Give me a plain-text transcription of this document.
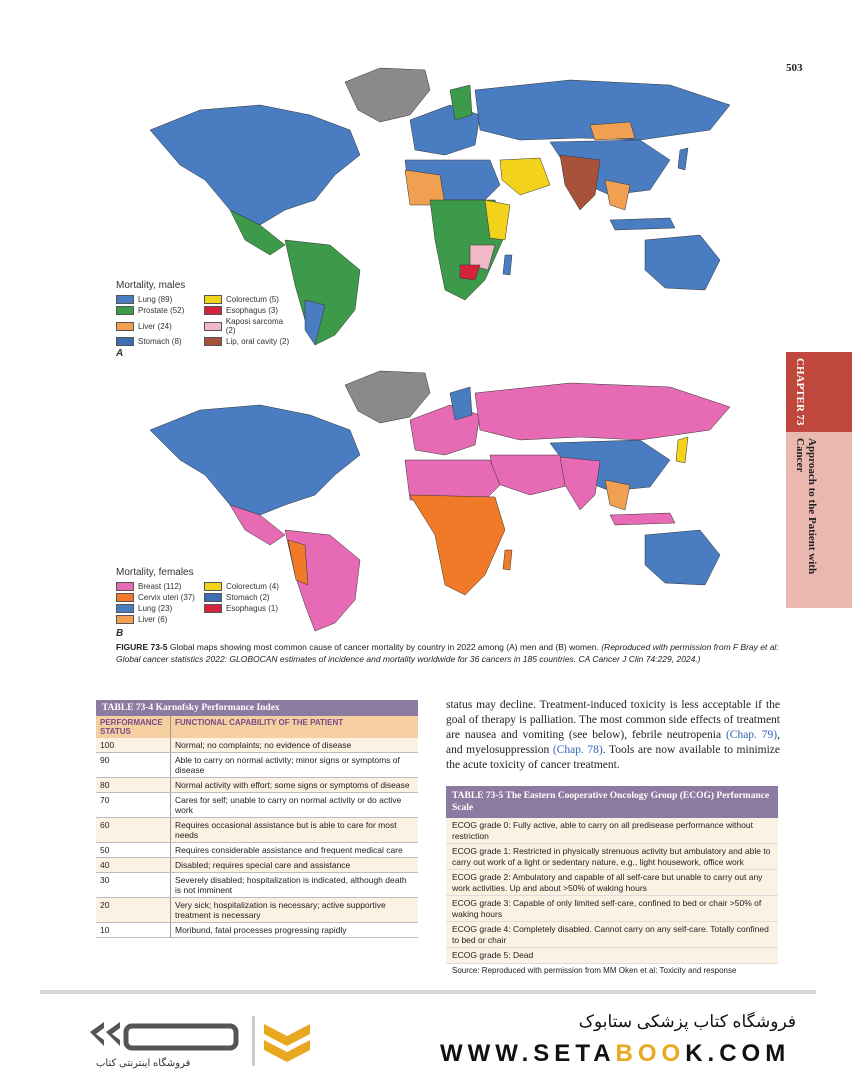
503
Mortality, males
Lung (89)	Colorectum (5)
Prostate (52)	Esophagus (3)
Liver (24)	Kaposi sarcoma (2)
Stomach (8)	Lip, oral cavity (2)
A
Mortality, females
Breast (112)	Colorectum (4)
Cervix uteri (37)	Stomach (2)
Lung (23)	Esophagus (1)
Liver (6)
B
CHAPTER 73
Approach to the Patient with Cancer
FIGURE 73-5 Global maps showing most common cause of cancer mortality by country in 2022 among (A) men and (B) women. (Reproduced with permission from F Bray et al: Global cancer statistics 2022: GLOBOCAN estimates of incidence and mortality worldwide for 36 cancers in 185 countries. CA Cancer J Clin 74:229, 2024.)
TABLE 73-4 Karnofsky Performance Index
PERFORMANCE STATUS
FUNCTIONAL CAPABILITY OF THE PATIENT
100	Normal; no complaints; no evidence of disease
90	Able to carry on normal activity; minor signs or symptoms of disease
80	Normal activity with effort; some signs or symptoms of disease
70	Cares for self; unable to carry on normal activity or do active work
60	Requires occasional assistance but is able to care for most needs
50	Requires considerable assistance and frequent medical care
40	Disabled; requires special care and assistance
30	Severely disabled; hospitalization is indicated, although death is not imminent
20	Very sick; hospitalization is necessary; active supportive treatment is necessary
10	Moribund, fatal processes progressing rapidly
status may decline. Treatment-induced toxicity is less acceptable if the goal of therapy is palliation. The most common side effects of treatment are nausea and vomiting (see below), febrile neutropenia (Chap. 79), and myelosuppression (Chap. 78). Tools are now available to minimize the acute toxicity of cancer treatment.
TABLE 73-5 The Eastern Cooperative Oncology Group (ECOG) Performance Scale
ECOG grade 0: Fully active, able to carry on all predisease performance without restriction
ECOG grade 1: Restricted in physically strenuous activity but ambulatory and able to carry out work of a light or sedentary nature, e.g., light housework, office work
ECOG grade 2: Ambulatory and capable of all self-care but unable to carry out any work activities. Up and about >50% of waking hours
ECOG grade 3: Capable of only limited self-care, confined to bed or chair >50% of waking hours
ECOG grade 4: Completely disabled. Cannot carry on any self-care. Totally confined to bed or chair
ECOG grade 5: Dead
Source: Reproduced with permission from MM Oken et al: Toxicity and response
فروشگاه اینترنتی کتاب
فروشگاه کتاب پزشکی ستابوک
WWW.SETABOOK.COM
